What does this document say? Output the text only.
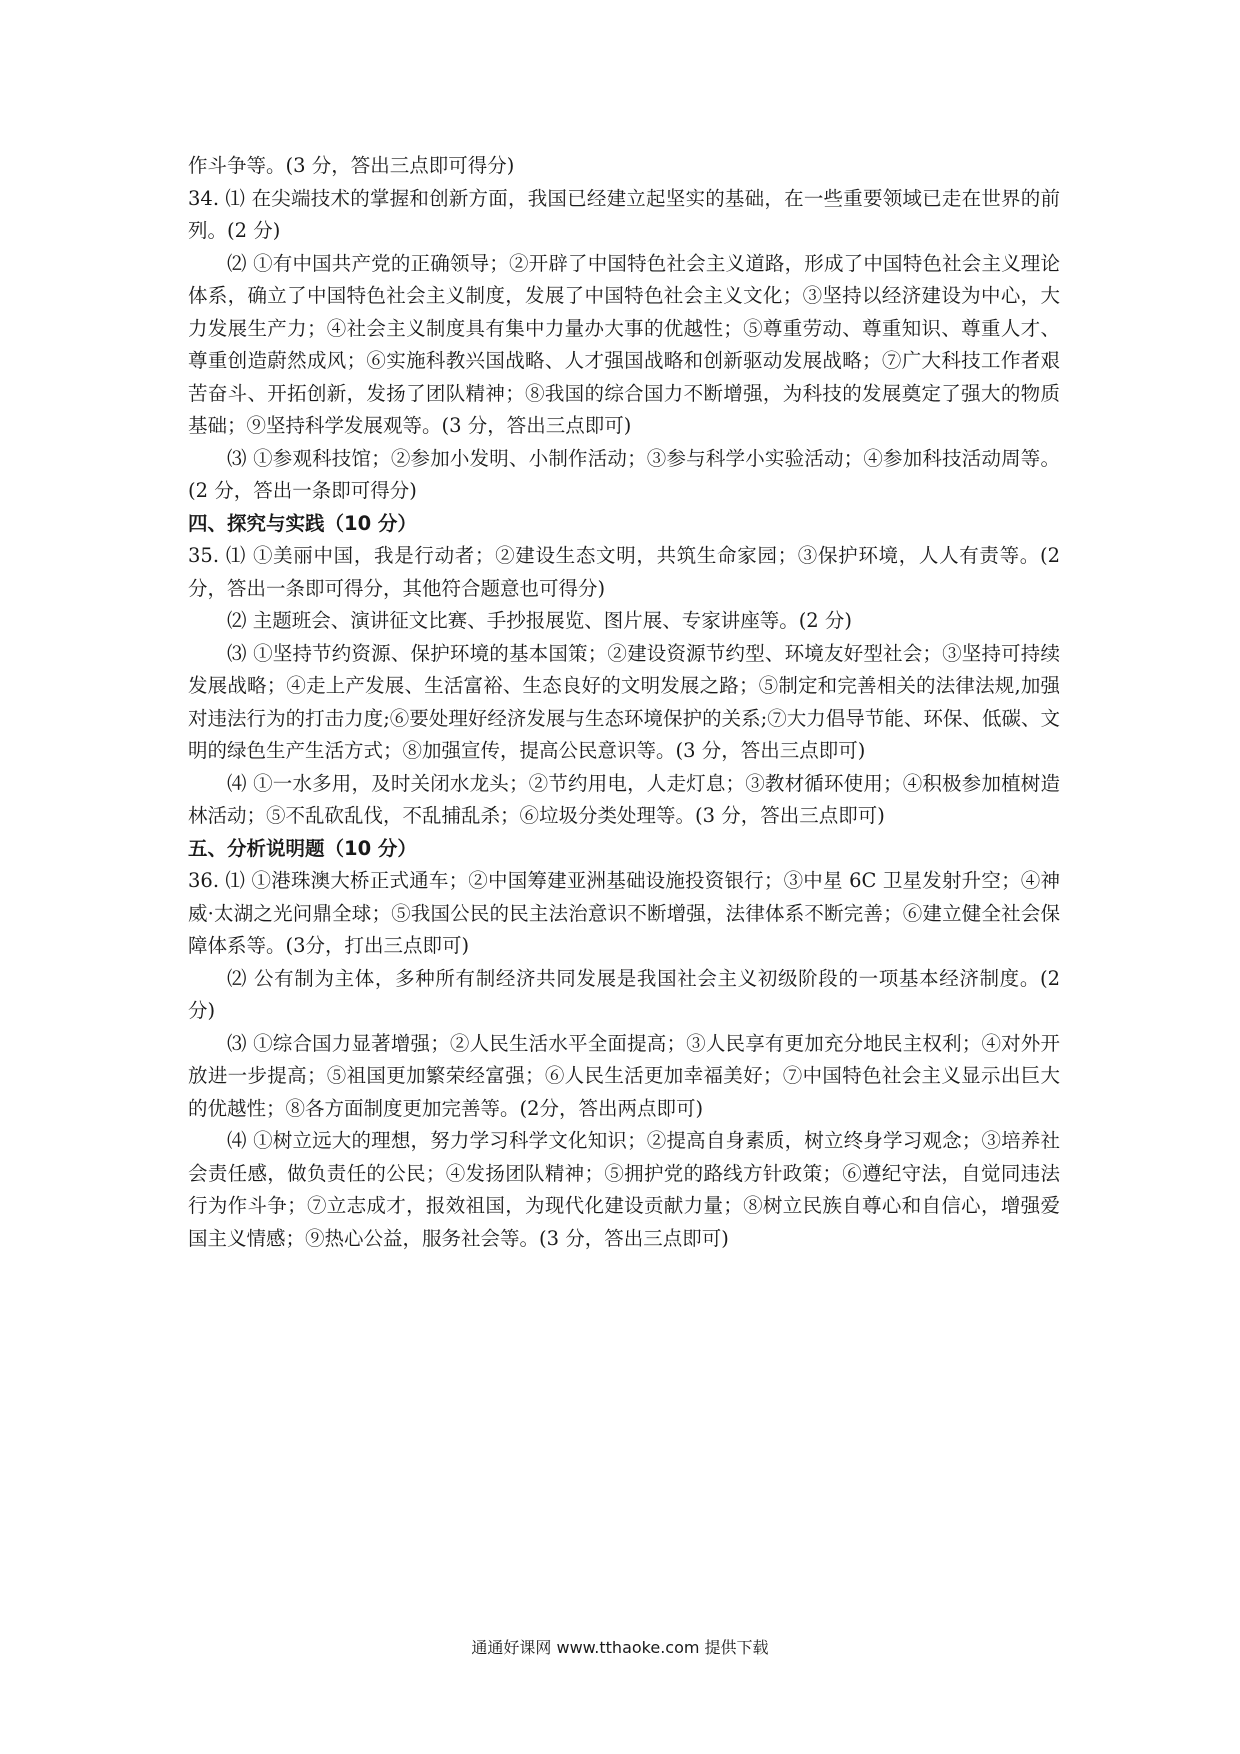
作斗争等。(3 分，答出三点即可得分)

34. ⑴ 在尖端技术的掌握和创新方面，我国已经建立起坚实的基础，在一些重要领域已走在世界的前列。(2 分)

⑵ ①有中国共产党的正确领导；②开辟了中国特色社会主义道路，形成了中国特色社会主义理论体系，确立了中国特色社会主义制度，发展了中国特色社会主义文化；③坚持以经济建设为中心，大力发展生产力；④社会主义制度具有集中力量办大事的优越性；⑤尊重劳动、尊重知识、尊重人才、尊重创造蔚然成风；⑥实施科教兴国战略、人才强国战略和创新驱动发展战略；⑦广大科技工作者艰苦奋斗、开拓创新，发扬了团队精神；⑧我国的综合国力不断增强，为科技的发展奠定了强大的物质基础；⑨坚持科学发展观等。(3 分，答出三点即可)

⑶ ①参观科技馆；②参加小发明、小制作活动；③参与科学小实验活动；④参加科技活动周等。(2 分，答出一条即可得分)

四、探究与实践（10 分）

35. ⑴ ①美丽中国，我是行动者；②建设生态文明，共筑生命家园；③保护环境，人人有责等。(2 分，答出一条即可得分，其他符合题意也可得分)

⑵ 主题班会、演讲征文比赛、手抄报展览、图片展、专家讲座等。(2 分)

⑶ ①坚持节约资源、保护环境的基本国策；②建设资源节约型、环境友好型社会；③坚持可持续发展战略；④走上产发展、生活富裕、生态良好的文明发展之路；⑤制定和完善相关的法律法规,加强对违法行为的打击力度;⑥要处理好经济发展与生态环境保护的关系;⑦大力倡导节能、环保、低碳、文明的绿色生产生活方式；⑧加强宣传，提高公民意识等。(3 分，答出三点即可)

⑷ ①一水多用，及时关闭水龙头；②节约用电，人走灯息；③教材循环使用；④积极参加植树造林活动；⑤不乱砍乱伐，不乱捕乱杀；⑥垃圾分类处理等。(3 分，答出三点即可)

五、分析说明题（10 分）

36. ⑴ ①港珠澳大桥正式通车；②中国筹建亚洲基础设施投资银行；③中星 6C 卫星发射升空；④神威·太湖之光问鼎全球；⑤我国公民的民主法治意识不断增强，法律体系不断完善；⑥建立健全社会保障体系等。(3分，打出三点即可)

⑵ 公有制为主体，多种所有制经济共同发展是我国社会主义初级阶段的一项基本经济制度。(2 分)

⑶ ①综合国力显著增强；②人民生活水平全面提高；③人民享有更加充分地民主权利；④对外开放进一步提高；⑤祖国更加繁荣经富强；⑥人民生活更加幸福美好；⑦中国特色社会主义显示出巨大的优越性；⑧各方面制度更加完善等。(2分，答出两点即可)

⑷ ①树立远大的理想，努力学习科学文化知识；②提高自身素质，树立终身学习观念；③培养社会责任感，做负责任的公民；④发扬团队精神；⑤拥护党的路线方针政策；⑥遵纪守法，自觉同违法行为作斗争；⑦立志成才，报效祖国，为现代化建设贡献力量；⑧树立民族自尊心和自信心，增强爱国主义情感；⑨热心公益，服务社会等。(3 分，答出三点即可)

通通好课网 www.tthaoke.com 提供下载
